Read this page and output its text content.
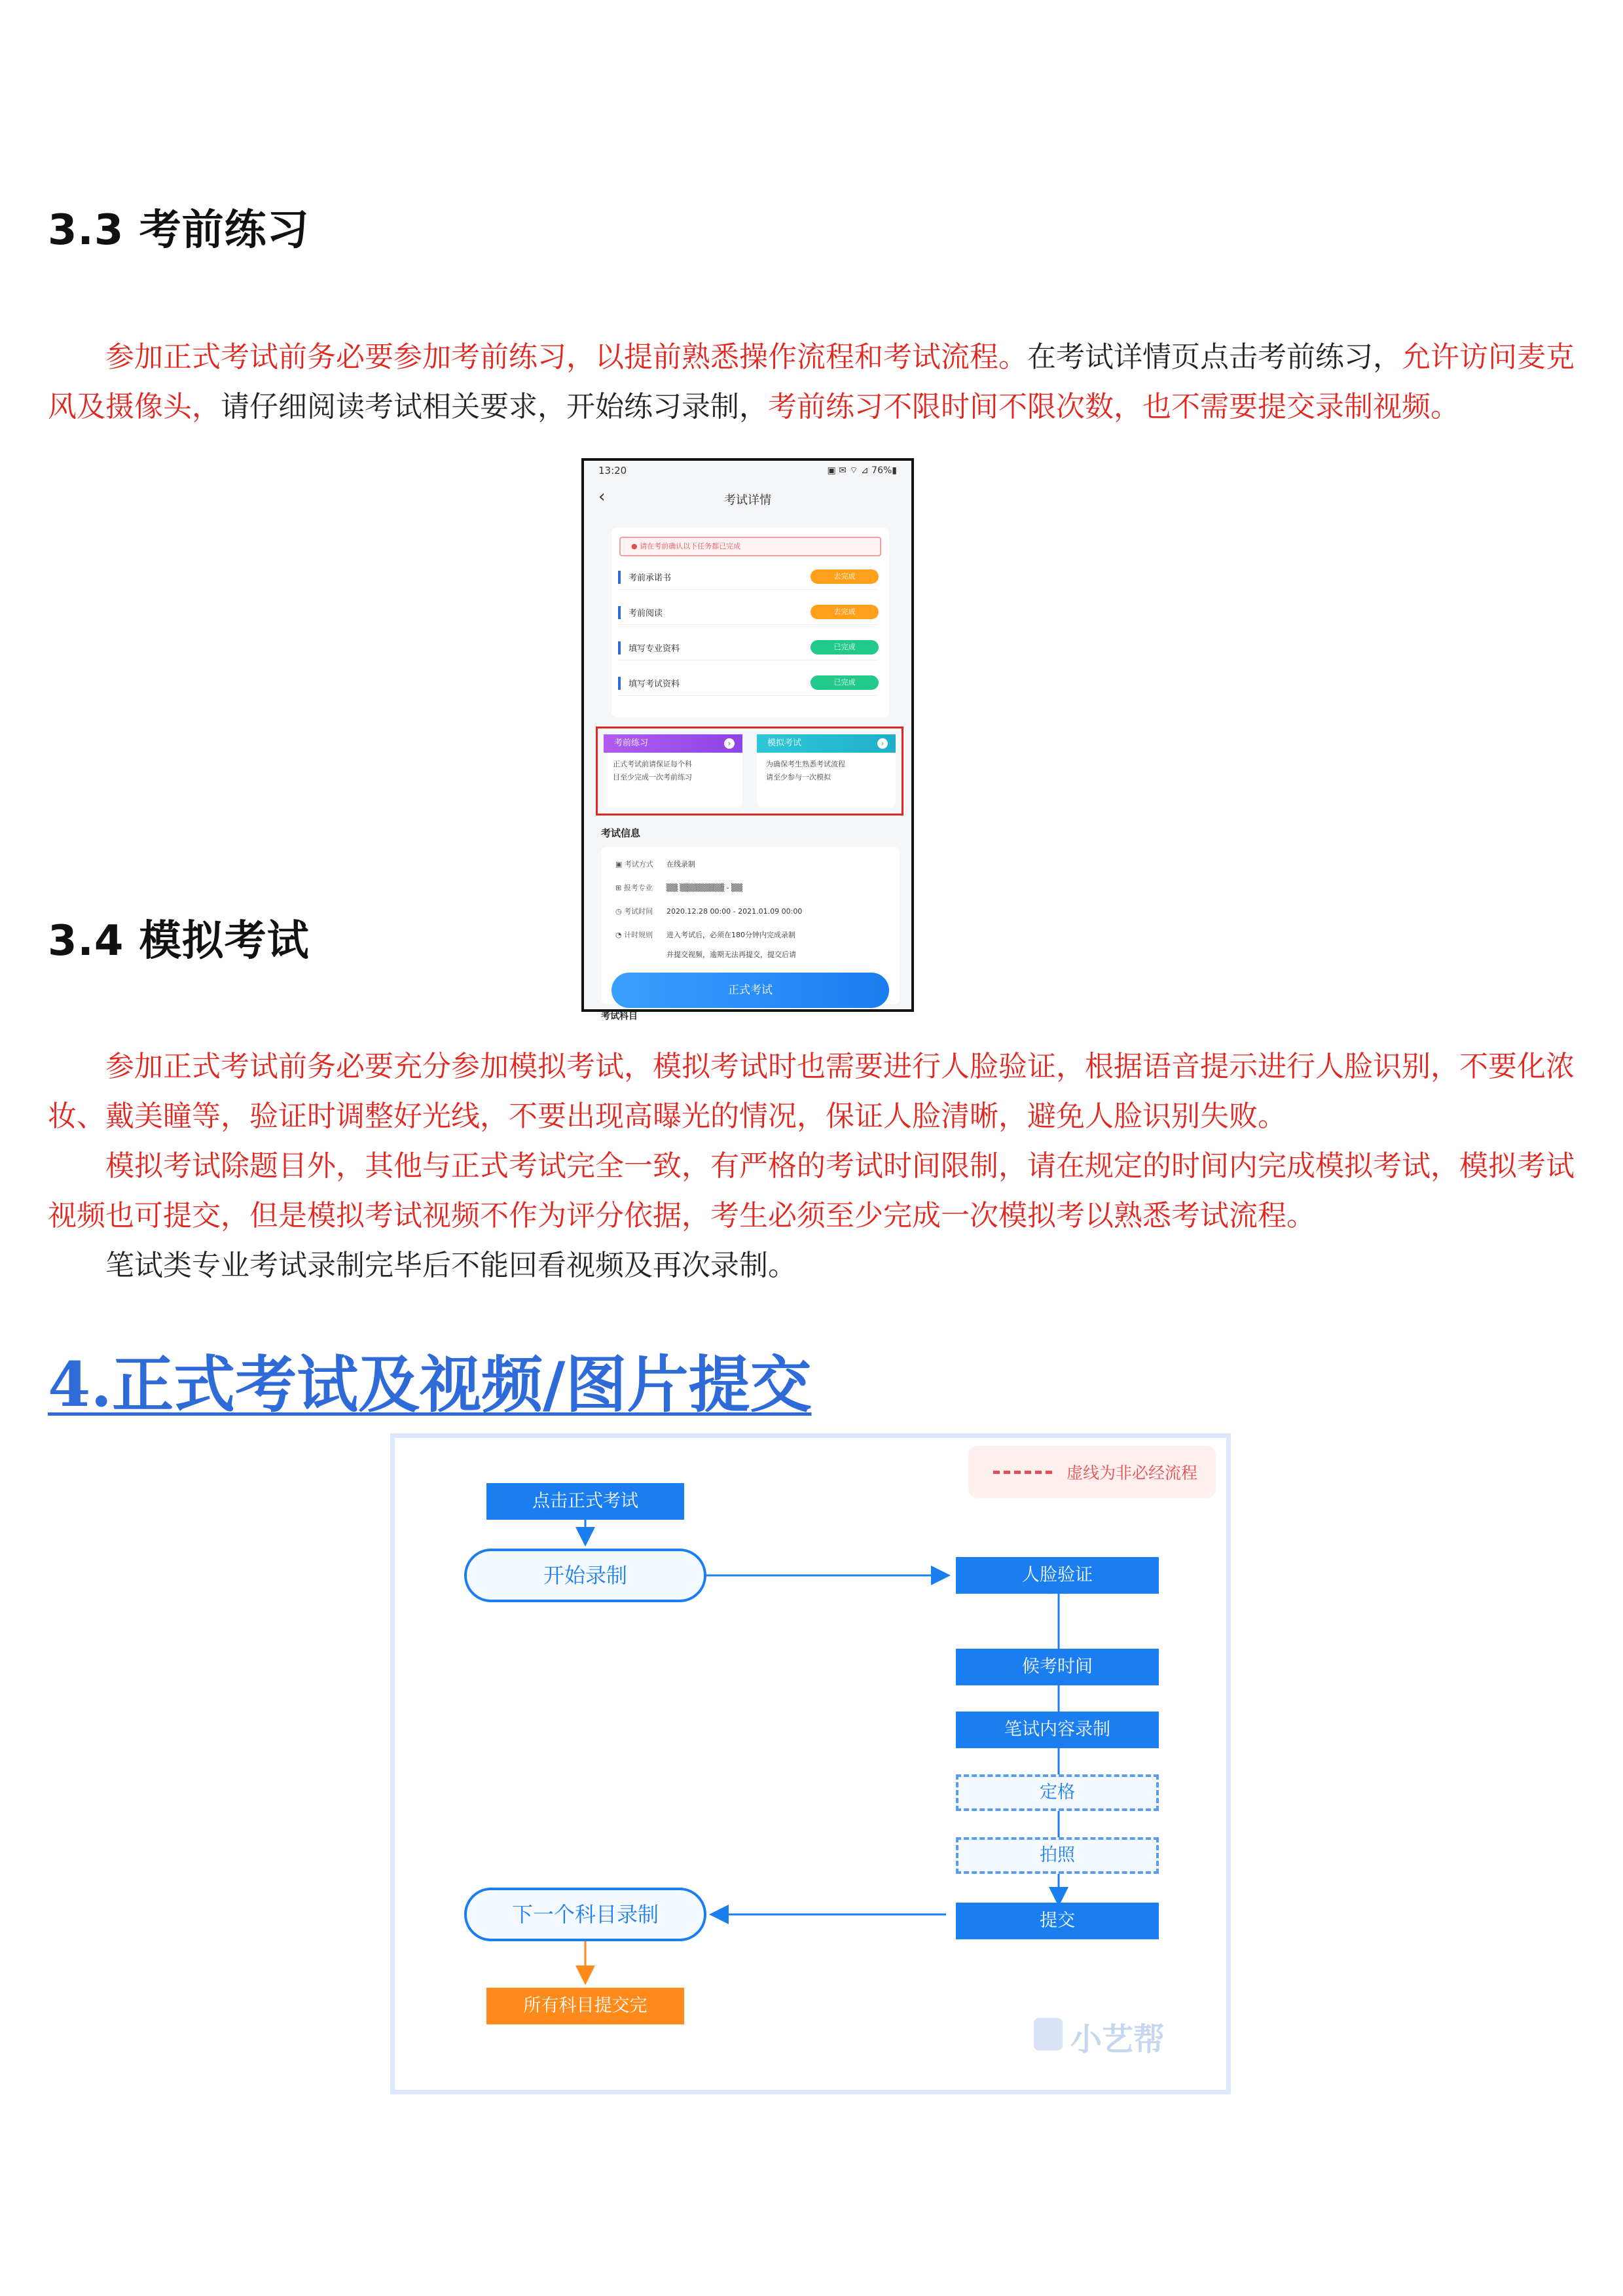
3.3 考前练习
参加正式考试前务必要参加考前练习，以提前熟悉操作流程和考试流程。在考试详情页点击考前练习，允许访问麦克风及摄像头，请仔细阅读考试相关要求，开始练习录制，考前练习不限时间不限次数，也不需要提交录制视频。
13:20	▣ ✉ ⌔ ⊿ 76%▮
‹	考试详情
● 请在考前确认以下任务都已完成
考前承诺书	去完成
考前阅读	去完成
填写专业资料	已完成
填写考试资料	已完成
考前练习	›
正式考试前请保证每个科
目至少完成一次考前练习
模拟考试	›
为确保考生熟悉考试流程
请至少参与一次模拟
考试信息
▣ 考试方式 在线录制
⊞ 报考专业 ▒▒ ▒▒▒▒▒▒▒▒ - ▒▒
◷ 考试时间 2020.12.28 00:00 - 2021.01.09 00:00
◔ 计时规则 进入考试后，必须在180分钟内完成录制
并提交视频，逾期无法再提交，提交后请
正式考试
考试科目
3.4 模拟考试
参加正式考试前务必要充分参加模拟考试，模拟考试时也需要进行人脸验证，根据语音提示进行人脸识别，不要化浓妆、戴美瞳等，验证时调整好光线，不要出现高曝光的情况，保证人脸清晰，避免人脸识别失败。
模拟考试除题目外，其他与正式考试完全一致，有严格的考试时间限制，请在规定的时间内完成模拟考试，模拟考试视频也可提交，但是模拟考试视频不作为评分依据，考生必须至少完成一次模拟考以熟悉考试流程。
笔试类专业考试录制完毕后不能回看视频及再次录制。
4.正式考试及视频/图片提交
虚线为非必经流程
点击正式考试
开始录制	人脸验证
候考时间
笔试内容录制
定格
拍照
提交
下一个科目录制
所有科目提交完
小艺帮
